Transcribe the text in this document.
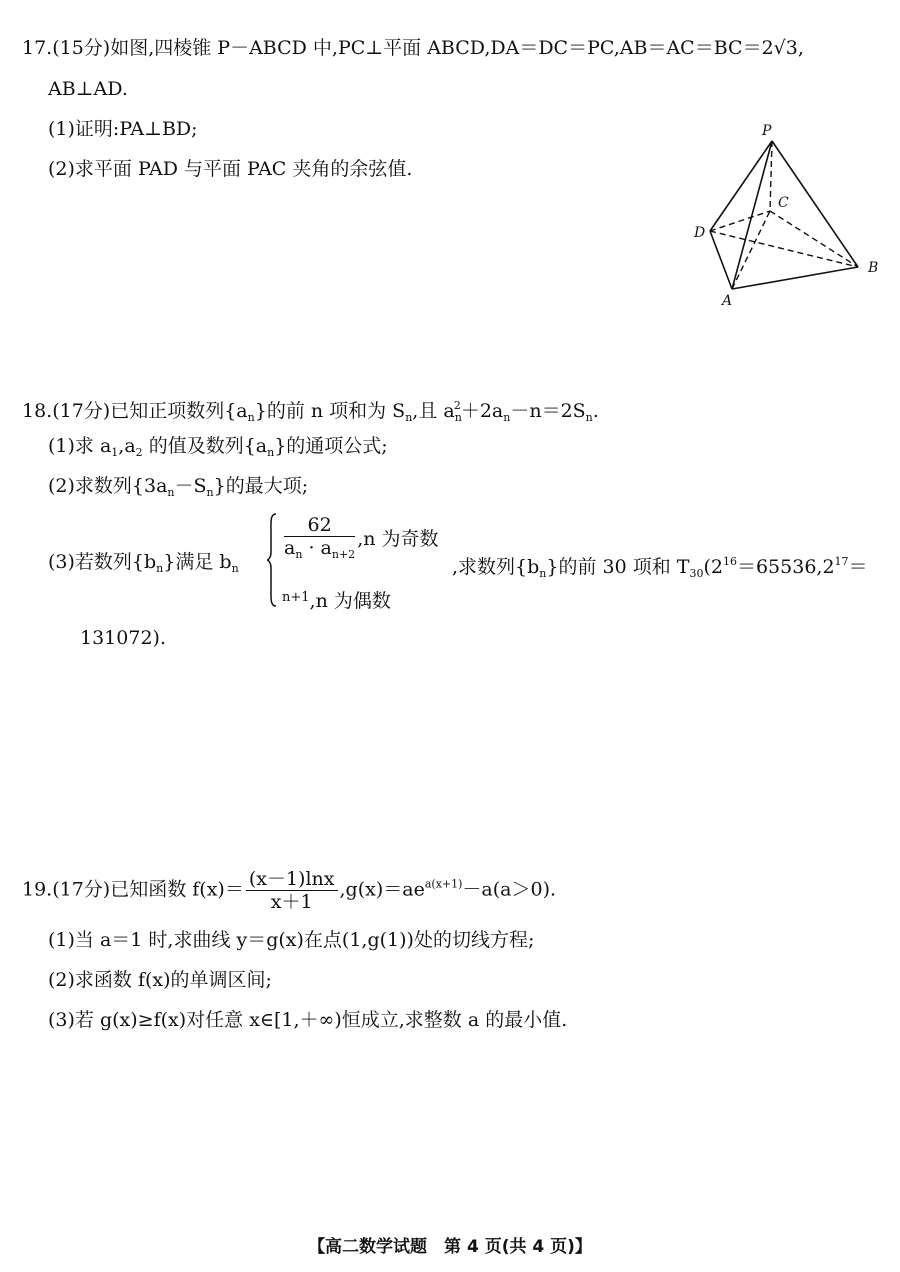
17.(15分)如图,四棱锥 P－ABCD 中,PC⊥平面 ABCD,DA＝DC＝PC,AB＝AC＝BC＝2√3,
AB⊥AD.
(1)证明:PA⊥BD;
(2)求平面 PAD 与平面 PAC 夹角的余弦值.
P
C
D
A
B
18.(17分)已知正项数列$\{a_n\}$的前 n 项和为 $S_n$,且 $a_n^2+2a_n-n=2S_n$.
(1)求 $a_1,a_2$ 的值及数列$\{a_n\}$的通项公式;
(2)求数列$\{3a_n-S_n\}$的最大项;
(3)若数列$\{b_n\}$满足 $b_n$
$\frac{62}{a_n \cdot a_{n+2}} ,n$ 为奇数
$^{n+1}$,n 为偶数
,求数列$\{b_n\}$的前 30 项和 $T_{30}(2^{16}=65536,2^{17}=$
131072).
19.(17分)已知函数 $f(x)= \frac{(x-1)\ln x}{x+1} ,g(x)=ae^{a(x+1)}-a(a>0)$.
(1)当 a＝1 时,求曲线 y＝g(x)在点(1,g(1))处的切线方程;
(2)求函数 f(x)的单调区间;
(3)若 g(x)≥f(x)对任意 x∈[1,＋∞)恒成立,求整数 a 的最小值.
【高二数学试题　第 4 页(共 4 页)】
